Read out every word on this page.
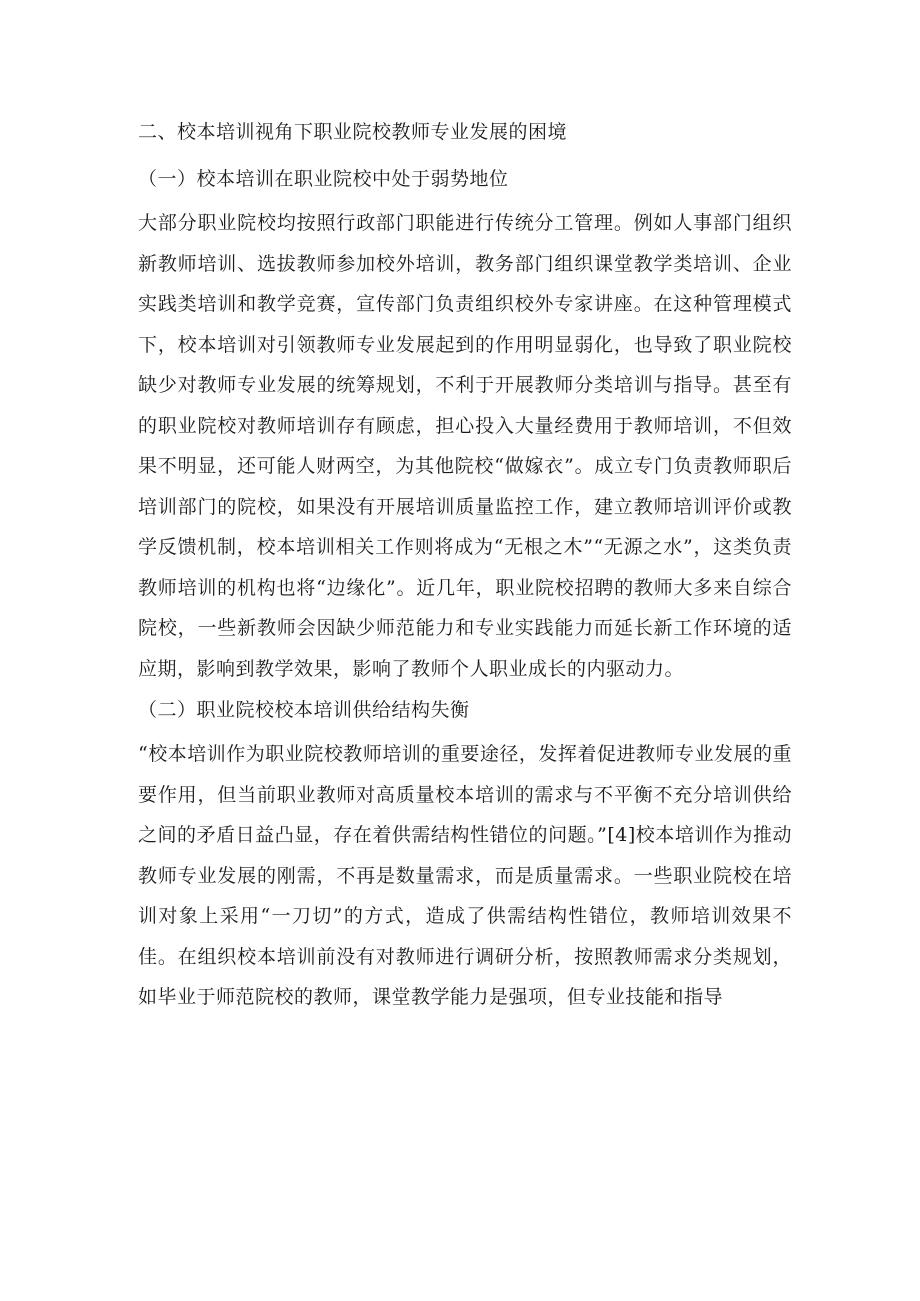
二、校本培训视角下职业院校教师专业发展的困境
（一）校本培训在职业院校中处于弱势地位

大部分职业院校均按照行政部门职能进行传统分工管理。例如人事部门组织新教师培训、选拔教师参加校外培训，教务部门组织课堂教学类培训、企业实践类培训和教学竞赛，宣传部门负责组织校外专家讲座。在这种管理模式下，校本培训对引领教师专业发展起到的作用明显弱化，也导致了职业院校缺少对教师专业发展的统筹规划，不利于开展教师分类培训与指导。甚至有的职业院校对教师培训存有顾虑，担心投入大量经费用于教师培训，不但效果不明显，还可能人财两空，为其他院校“做嫁衣”。成立专门负责教师职后培训部门的院校，如果没有开展培训质量监控工作，建立教师培训评价或教学反馈机制，校本培训相关工作则将成为“无根之木”“无源之水”，这类负责教师培训的机构也将“边缘化”。近几年，职业院校招聘的教师大多来自综合院校，一些新教师会因缺少师范能力和专业实践能力而延长新工作环境的适应期，影响到教学效果，影响了教师个人职业成长的内驱动力。

（二）职业院校校本培训供给结构失衡

“校本培训作为职业院校教师培训的重要途径，发挥着促进教师专业发展的重要作用，但当前职业教师对高质量校本培训的需求与不平衡不充分培训供给之间的矛盾日益凸显，存在着供需结构性错位的问题。”[4]校本培训作为推动教师专业发展的刚需，不再是数量需求，而是质量需求。一些职业院校在培训对象上采用“一刀切”的方式，造成了供需结构性错位，教师培训效果不佳。在组织校本培训前没有对教师进行调研分析，按照教师需求分类规划，如毕业于师范院校的教师，课堂教学能力是强项，但专业技能和指导
